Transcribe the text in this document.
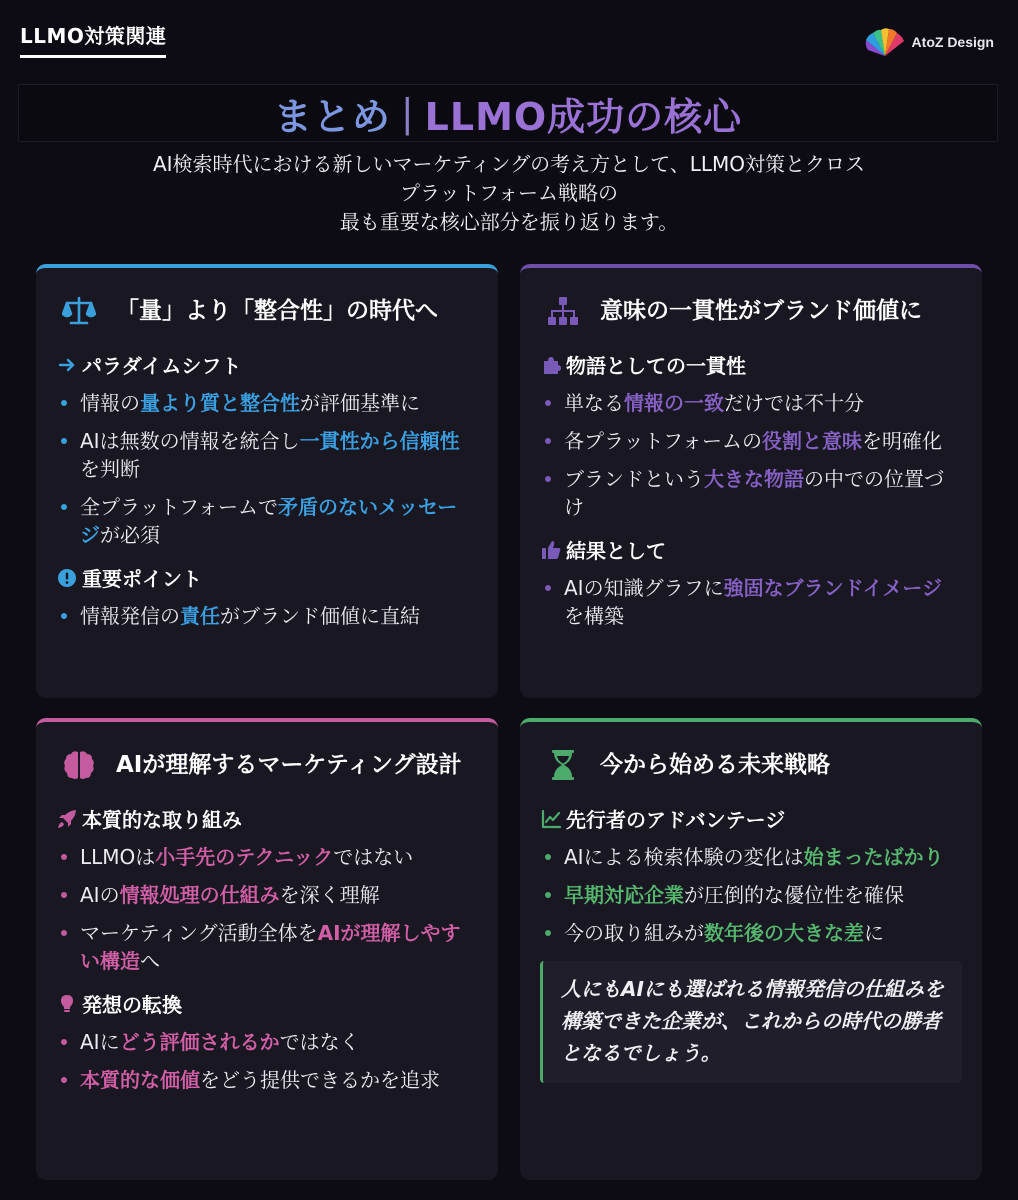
LLMO対策関連	AtoZ Design
まとめ | LLMO成功の核心
AI検索時代における新しいマーケティングの考え方として、LLMO対策とクロス
プラットフォーム戦略の
最も重要な核心部分を振り返ります。
「量」より「整合性」の時代へ
パラダイムシフト
情報の量より質と整合性が評価基準に
AIは無数の情報を統合し一貫性から信頼性を判断
全プラットフォームで矛盾のないメッセージが必須
重要ポイント
情報発信の責任がブランド価値に直結
意味の一貫性がブランド価値に
物語としての一貫性
単なる情報の一致だけでは不十分
各プラットフォームの役割と意味を明確化
ブランドという大きな物語の中での位置づけ
結果として
AIの知識グラフに強固なブランドイメージを構築
AIが理解するマーケティング設計
本質的な取り組み
LLMOは小手先のテクニックではない
AIの情報処理の仕組みを深く理解
マーケティング活動全体をAIが理解しやすい構造へ
発想の転換
AIにどう評価されるかではなく
本質的な価値をどう提供できるかを追求
今から始める未来戦略
先行者のアドバンテージ
AIによる検索体験の変化は始まったばかり
早期対応企業が圧倒的な優位性を確保
今の取り組みが数年後の大きな差に
人にもAIにも選ばれる情報発信の仕組みを構築できた企業が、これからの時代の勝者となるでしょう。
